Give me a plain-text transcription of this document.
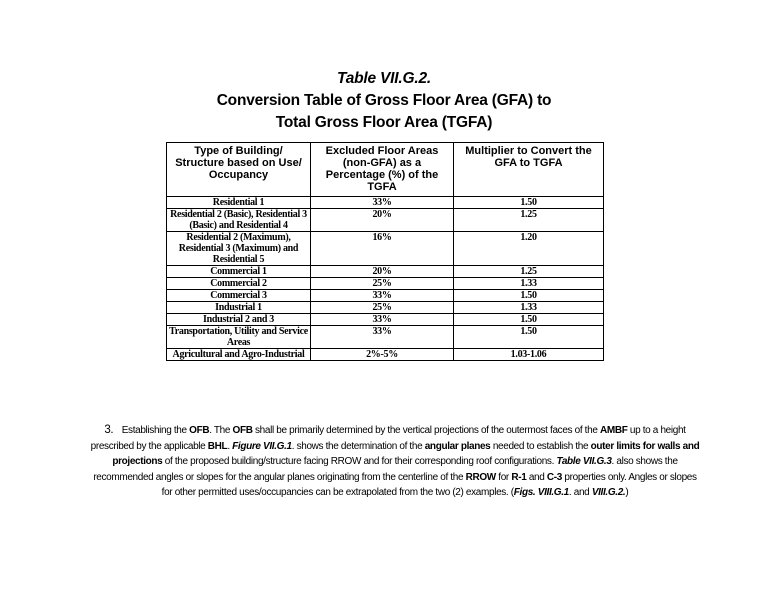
Table VII.G.2.
Conversion Table of Gross Floor Area (GFA) to
Total Gross Floor Area (TGFA)
Type of Building/ Structure based on Use/ Occupancy	Excluded Floor Areas (non-GFA) as a Percentage (%) of the TGFA	Multiplier to Convert the GFA to TGFA
Residential 1	33%	1.50
Residential 2 (Basic), Residential 3 (Basic) and Residential 4	20%	1.25
Residential 2 (Maximum), Residential 3 (Maximum) and Residential 5	16%	1.20
Commercial 1	20%	1.25
Commercial 2	25%	1.33
Commercial 3	33%	1.50
Industrial 1	25%	1.33
Industrial 2 and 3	33%	1.50
Transportation, Utility and Service Areas	33%	1.50
Agricultural and Agro-Industrial	2%-5%	1.03-1.06
3. Establishing the OFB. The OFB shall be primarily determined by the vertical projections of the outermost faces of the AMBF up to a height prescribed by the applicable BHL. Figure VII.G.1. shows the determination of the angular planes needed to establish the outer limits for walls and projections of the proposed building/structure facing RROW and for their corresponding roof configurations. Table VII.G.3. also shows the recommended angles or slopes for the angular planes originating from the centerline of the RROW for R-1 and C-3 properties only. Angles or slopes for other permitted uses/occupancies can be extrapolated from the two (2) examples. (Figs. VIII.G.1. and VIII.G.2.)
